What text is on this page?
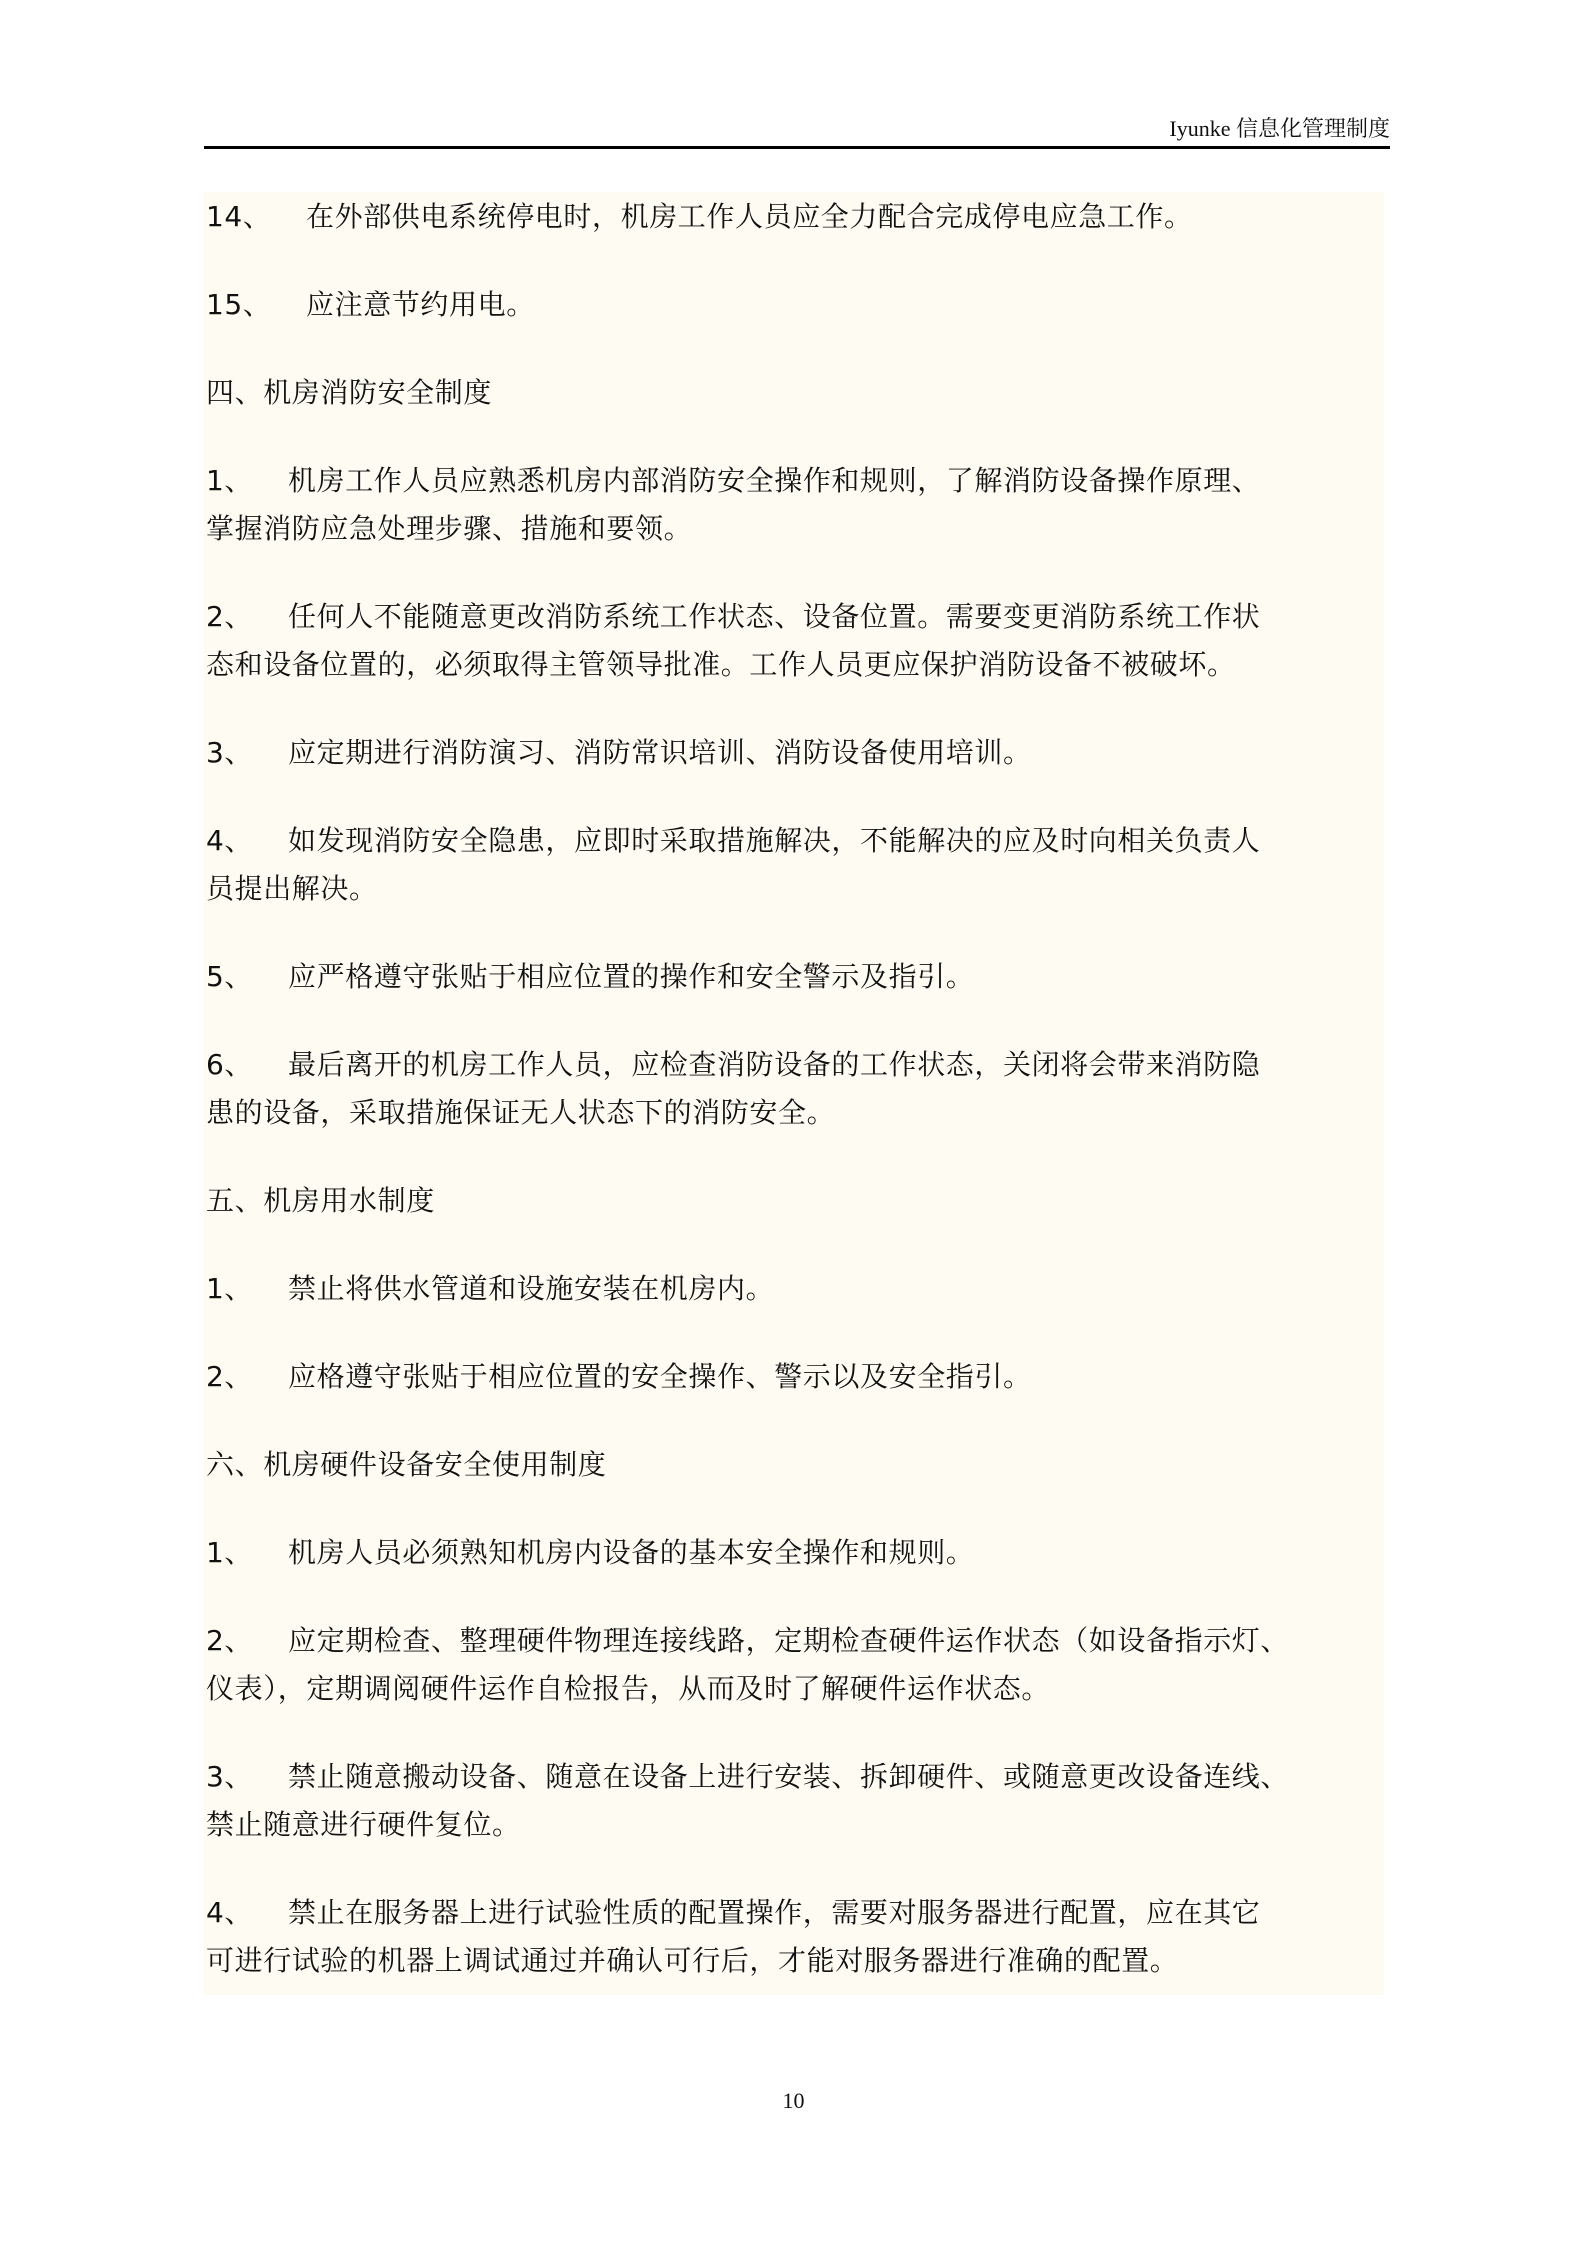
Iyunke 信息化管理制度
14、 在外部供电系统停电时，机房工作人员应全力配合完成停电应急工作。
15、 应注意节约用电。
四、机房消防安全制度
1、 机房工作人员应熟悉机房内部消防安全操作和规则，了解消防设备操作原理、
掌握消防应急处理步骤、措施和要领。
2、 任何人不能随意更改消防系统工作状态、设备位置。需要变更消防系统工作状
态和设备位置的，必须取得主管领导批准。工作人员更应保护消防设备不被破坏。
3、 应定期进行消防演习、消防常识培训、消防设备使用培训。
4、 如发现消防安全隐患，应即时采取措施解决，不能解决的应及时向相关负责人
员提出解决。
5、 应严格遵守张贴于相应位置的操作和安全警示及指引。
6、 最后离开的机房工作人员，应检查消防设备的工作状态，关闭将会带来消防隐
患的设备，采取措施保证无人状态下的消防安全。
五、机房用水制度
1、 禁止将供水管道和设施安装在机房内。
2、 应格遵守张贴于相应位置的安全操作、警示以及安全指引。
六、机房硬件设备安全使用制度
1、 机房人员必须熟知机房内设备的基本安全操作和规则。
2、 应定期检查、整理硬件物理连接线路，定期检查硬件运作状态（如设备指示灯、
仪表），定期调阅硬件运作自检报告，从而及时了解硬件运作状态。
3、 禁止随意搬动设备、随意在设备上进行安装、拆卸硬件、或随意更改设备连线、
禁止随意进行硬件复位。
4、 禁止在服务器上进行试验性质的配置操作，需要对服务器进行配置，应在其它
可进行试验的机器上调试通过并确认可行后，才能对服务器进行准确的配置。
10
